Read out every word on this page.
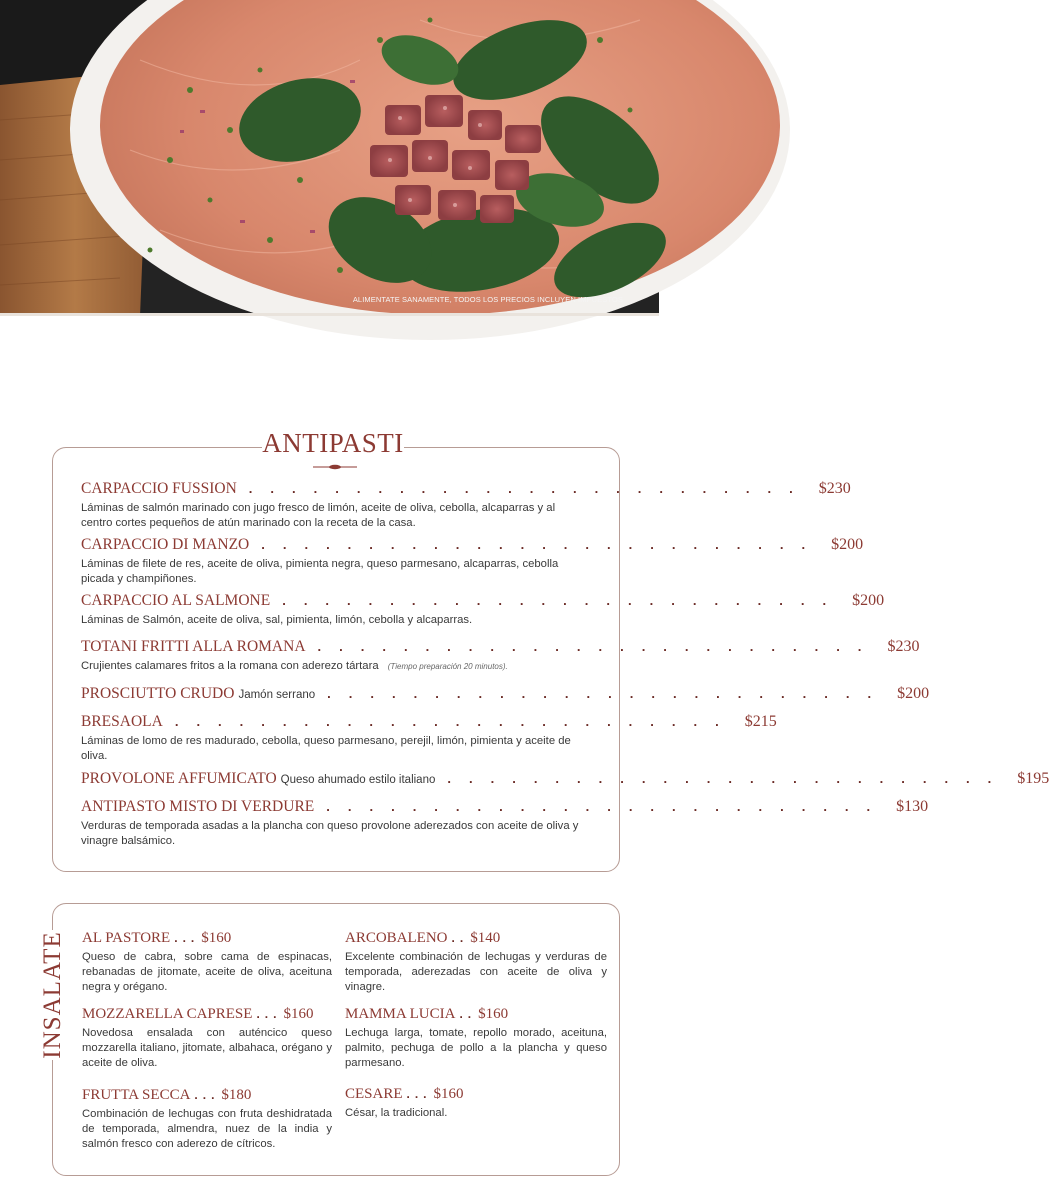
ALIMENTATE SANAMENTE, TODOS LOS PRECIOS INCLUYEN IMPUESTOS
ANTIPASTI
CARPACCIO FUSSION .......................... $230
Láminas de salmón marinado con jugo fresco de limón, aceite de oliva, cebolla, alcaparras y al centro cortes pequeños de atún marinado con la receta de la casa.
CARPACCIO DI MANZO .......................... $200
Láminas de filete de res, aceite de oliva, pimienta negra, queso parmesano, alcaparras, cebolla picada y champiñones.
CARPACCIO AL SALMONE .......................... $200
Láminas de Salmón, aceite de oliva, sal, pimienta, limón, cebolla y alcaparras.
TOTANI FRITTI ALLA ROMANA .......................... $230
Crujientes calamares fritos a la romana con aderezo tártara (Tiempo preparación 20 minutos).
PROSCIUTTO CRUDO Jamón serrano .......................... $200
BRESAOLA .......................... $215
Láminas de lomo de res madurado, cebolla, queso parmesano, perejil, limón, pimienta y aceite de oliva.
PROVOLONE AFFUMICATO Queso ahumado estilo italiano .......................... $195
ANTIPASTO MISTO DI VERDURE .......................... $130
Verduras de temporada asadas a la plancha con queso provolone aderezados con aceite de oliva y vinagre balsámico.
INSALATE AL PASTORE ... $160
Queso de cabra, sobre cama de espinacas, rebanadas de jitomate, aceite de oliva, aceituna negra y orégano.
MOZZARELLA CAPRESE ... $160
Novedosa ensalada con auténcico queso mozzarella italiano, jitomate, albahaca, orégano y aceite de oliva.
FRUTTA SECCA ... $180
Combinación de lechugas con fruta deshidratada de temporada, almendra, nuez de la india y salmón fresco con aderezo de cítricos.
ARCOBALENO .. $140
Excelente combinación de lechugas y verduras de temporada, aderezadas con aceite de oliva y vinagre.
MAMMA LUCIA .. $160
Lechuga larga, tomate, repollo morado, aceituna, palmito, pechuga de pollo a la plancha y queso parmesano.
CESARE ... $160
César, la tradicional.
